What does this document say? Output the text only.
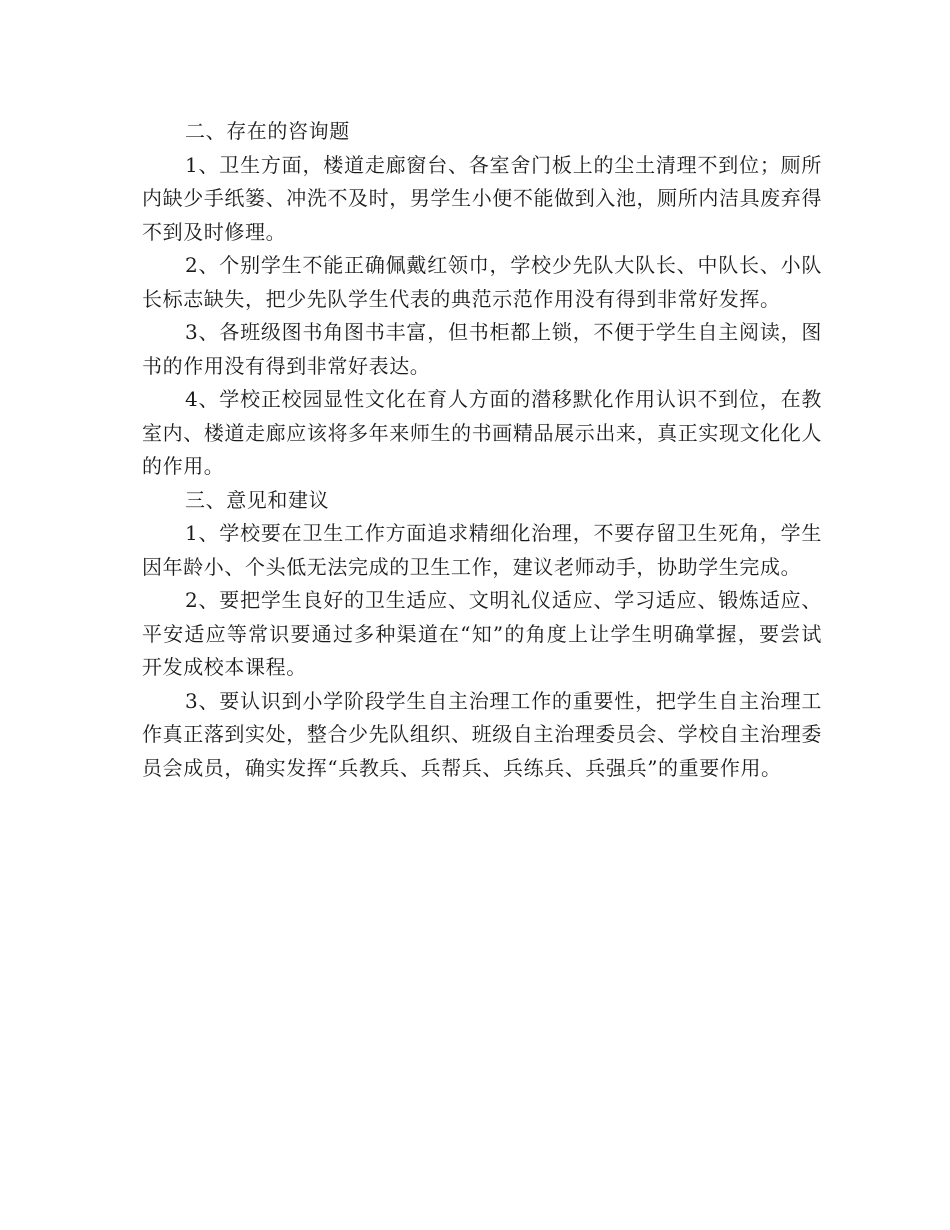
二、存在的咨询题

1、卫生方面，楼道走廊窗台、各室舍门板上的尘土清理不到位；厕所内缺少手纸篓、冲洗不及时，男学生小便不能做到入池，厕所内洁具废弃得不到及时修理。

2、个别学生不能正确佩戴红领巾，学校少先队大队长、中队长、小队长标志缺失，把少先队学生代表的典范示范作用没有得到非常好发挥。

3、各班级图书角图书丰富，但书柜都上锁，不便于学生自主阅读，图书的作用没有得到非常好表达。

4、学校正校园显性文化在育人方面的潜移默化作用认识不到位，在教室内、楼道走廊应该将多年来师生的书画精品展示出来，真正实现文化化人的作用。

三、意见和建议

1、学校要在卫生工作方面追求精细化治理，不要存留卫生死角，学生因年龄小、个头低无法完成的卫生工作，建议老师动手，协助学生完成。

2、要把学生良好的卫生适应、文明礼仪适应、学习适应、锻炼适应、平安适应等常识要通过多种渠道在“知”的角度上让学生明确掌握，要尝试开发成校本课程。

3、要认识到小学阶段学生自主治理工作的重要性，把学生自主治理工作真正落到实处，整合少先队组织、班级自主治理委员会、学校自主治理委员会成员，确实发挥“兵教兵、兵帮兵、兵练兵、兵强兵”的重要作用。
